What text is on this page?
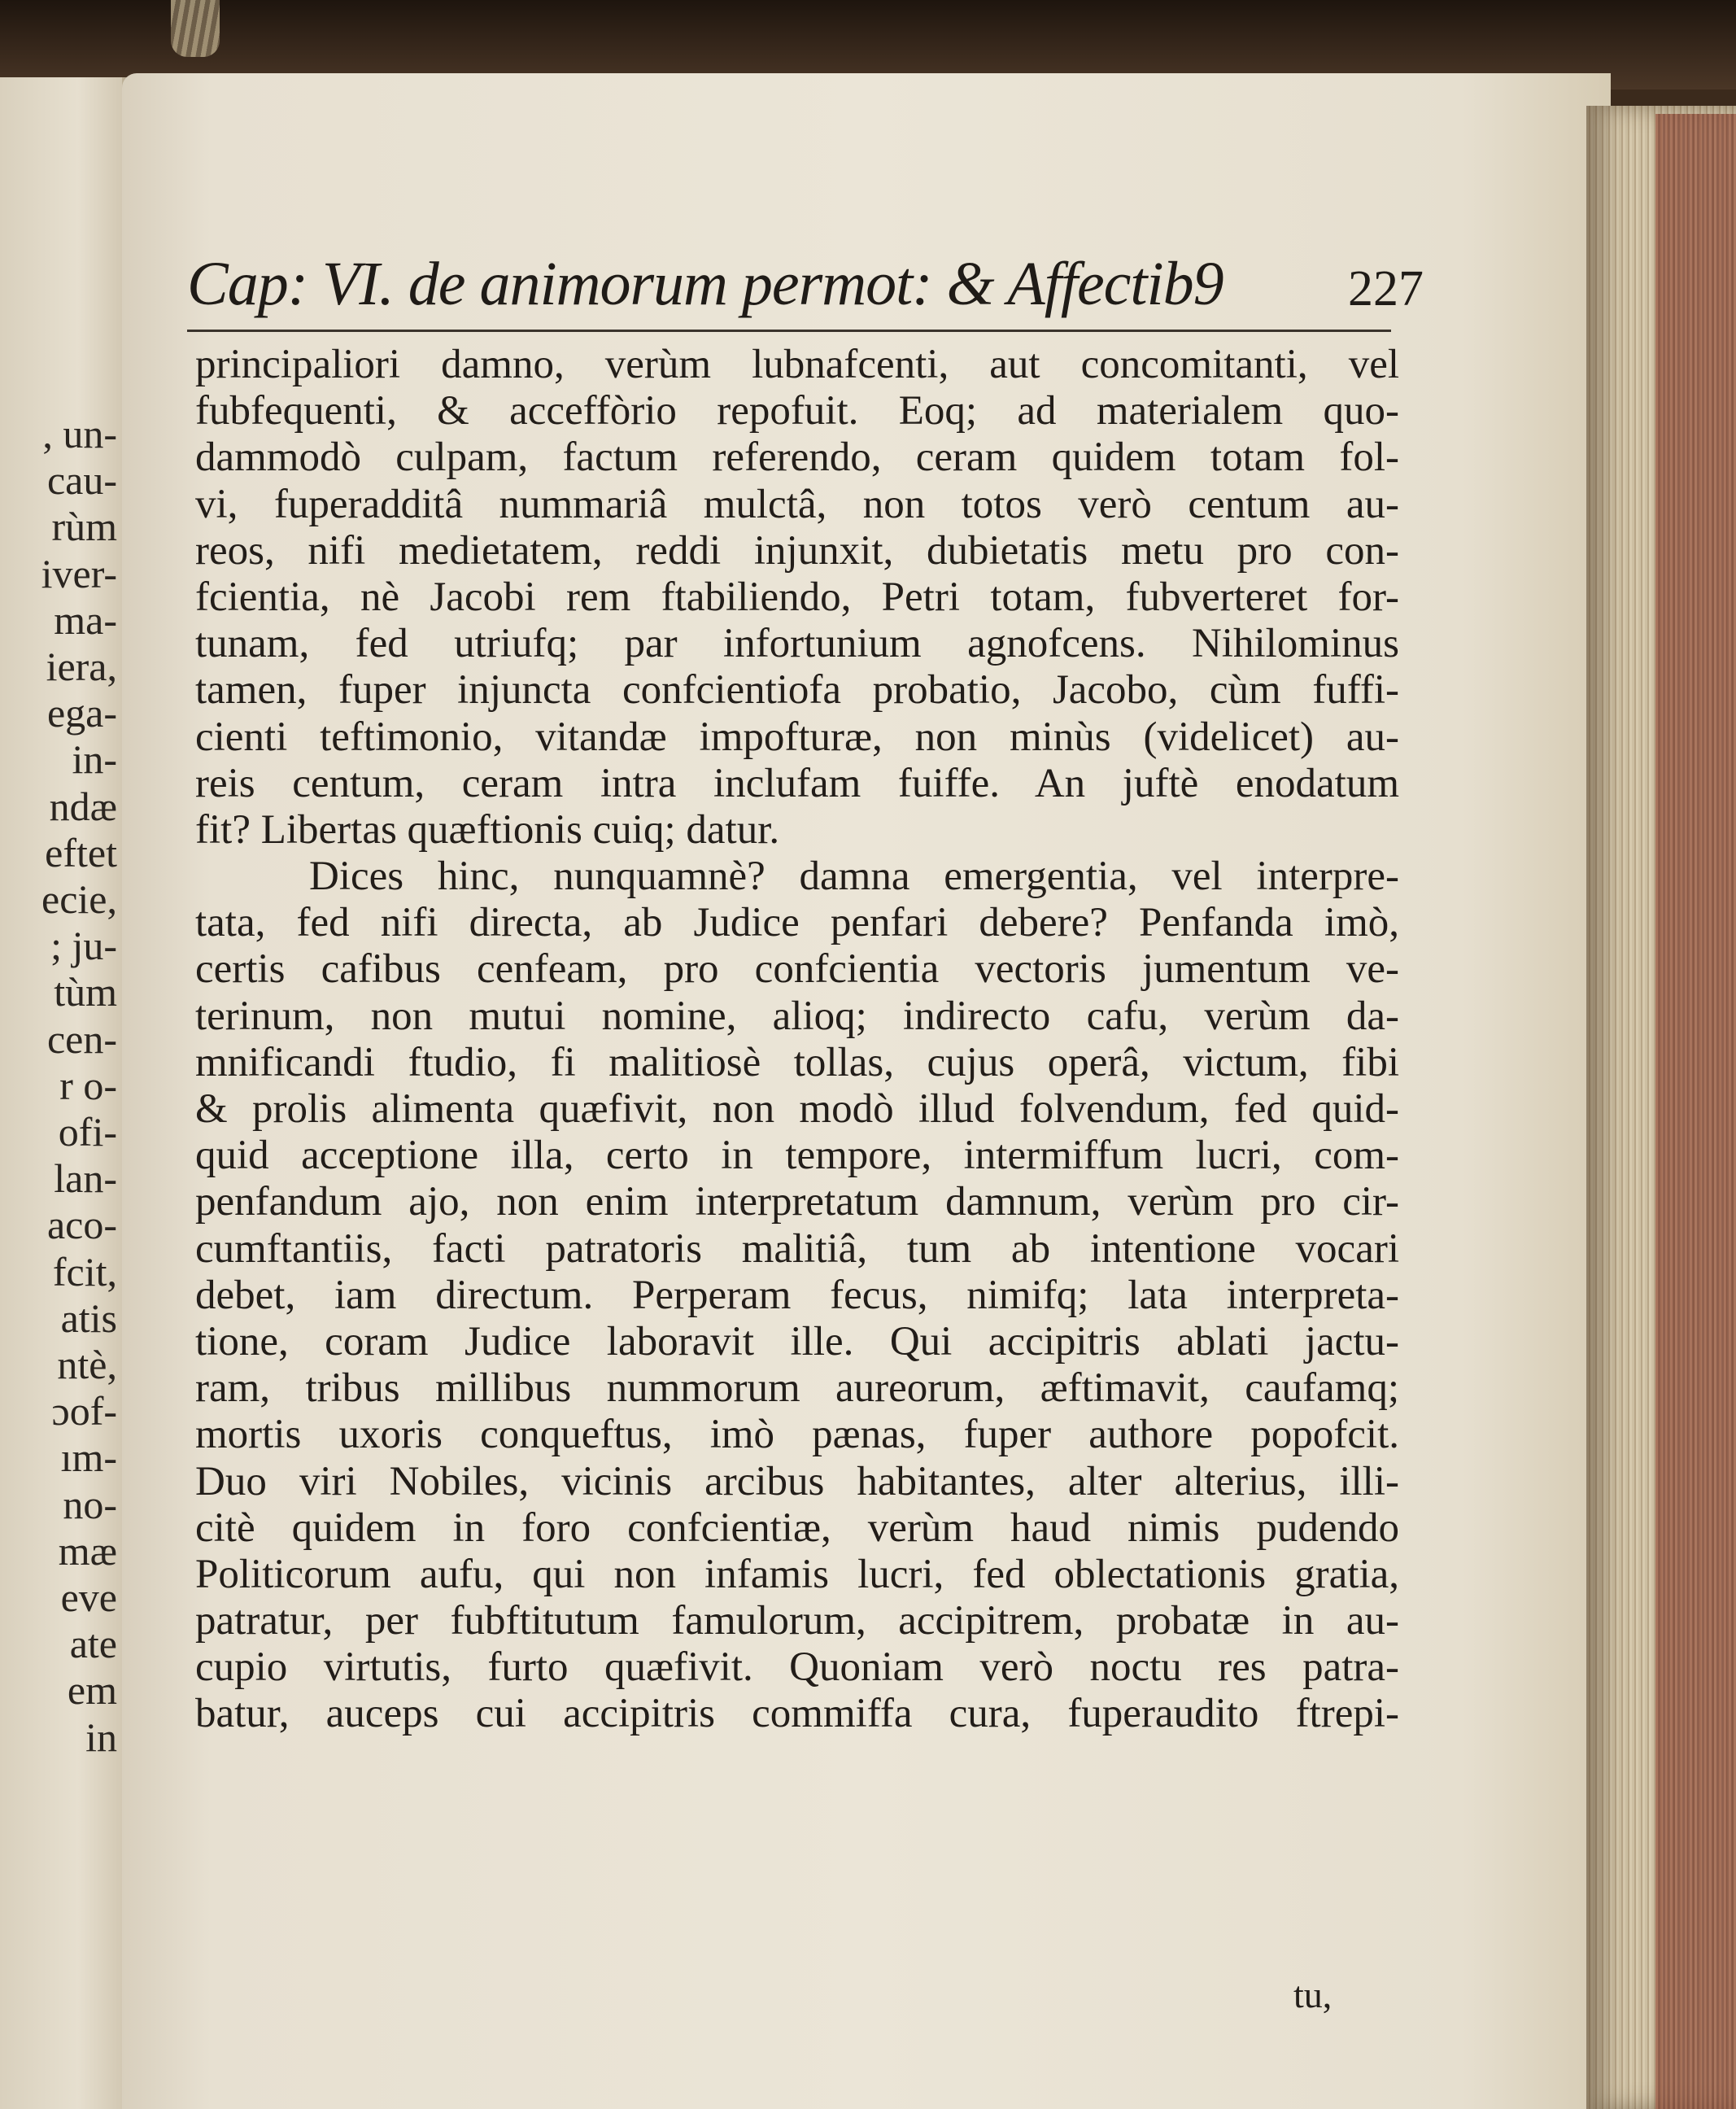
, un-
cau-
rùm
iver-
ma-
iera,
ega-
in-
ndæ
eftet
ecie,
; ju-
tùm
cen-
r o-
ofi-
lan-
aco-
fcit,
atis
ntè,
ɔof-
ım-
no-
mæ
eve
ate
em
in
Cap: VI. de animorum permot: & Affectib9 227
principaliori damno, verùm lubnafcenti, aut concomitanti, vel
fubfequenti, & acceffòrio repofuit. Eoq; ad materialem quo-
dammodò culpam, factum referendo, ceram quidem totam fol-
vi, fuperadditâ nummariâ mulctâ, non totos verò centum au-
reos, nifi medietatem, reddi injunxit, dubietatis metu pro con-
fcientia, nè Jacobi rem ftabiliendo, Petri totam, fubverteret for-
tunam, fed utriufq; par infortunium agnofcens. Nihilominus
tamen, fuper injuncta confcientiofa probatio, Jacobo, cùm fuffi-
cienti teftimonio, vitandæ impofturæ, non minùs (videlicet) au-
reis centum, ceram intra inclufam fuiffe. An juftè enodatum
fit? Libertas quæftionis cuiq; datur.
Dices hinc, nunquamnè? damna emergentia, vel interpre-
tata, fed nifi directa, ab Judice penfari debere? Penfanda imò,
certis cafibus cenfeam, pro confcientia vectoris jumentum ve-
terinum, non mutui nomine, alioq; indirecto cafu, verùm da-
mnificandi ftudio, fi malitiosè tollas, cujus operâ, victum, fibi
& prolis alimenta quæfivit, non modò illud folvendum, fed quid-
quid acceptione illa, certo in tempore, intermiffum lucri, com-
penfandum ajo, non enim interpretatum damnum, verùm pro cir-
cumftantiis, facti patratoris malitiâ, tum ab intentione vocari
debet, iam directum. Perperam fecus, nimifq; lata interpreta-
tione, coram Judice laboravit ille. Qui accipitris ablati jactu-
ram, tribus millibus nummorum aureorum, æftimavit, caufamq;
mortis uxoris conqueftus, imò pænas, fuper authore popofcit.
Duo viri Nobiles, vicinis arcibus habitantes, alter alterius, illi-
citè quidem in foro confcientiæ, verùm haud nimis pudendo
Politicorum aufu, qui non infamis lucri, fed oblectationis gratia,
patratur, per fubftitutum famulorum, accipitrem, probatæ in au-
cupio virtutis, furto quæfivit. Quoniam verò noctu res patra-
batur, auceps cui accipitris commiffa cura, fuperaudito ftrepi-
tu,
